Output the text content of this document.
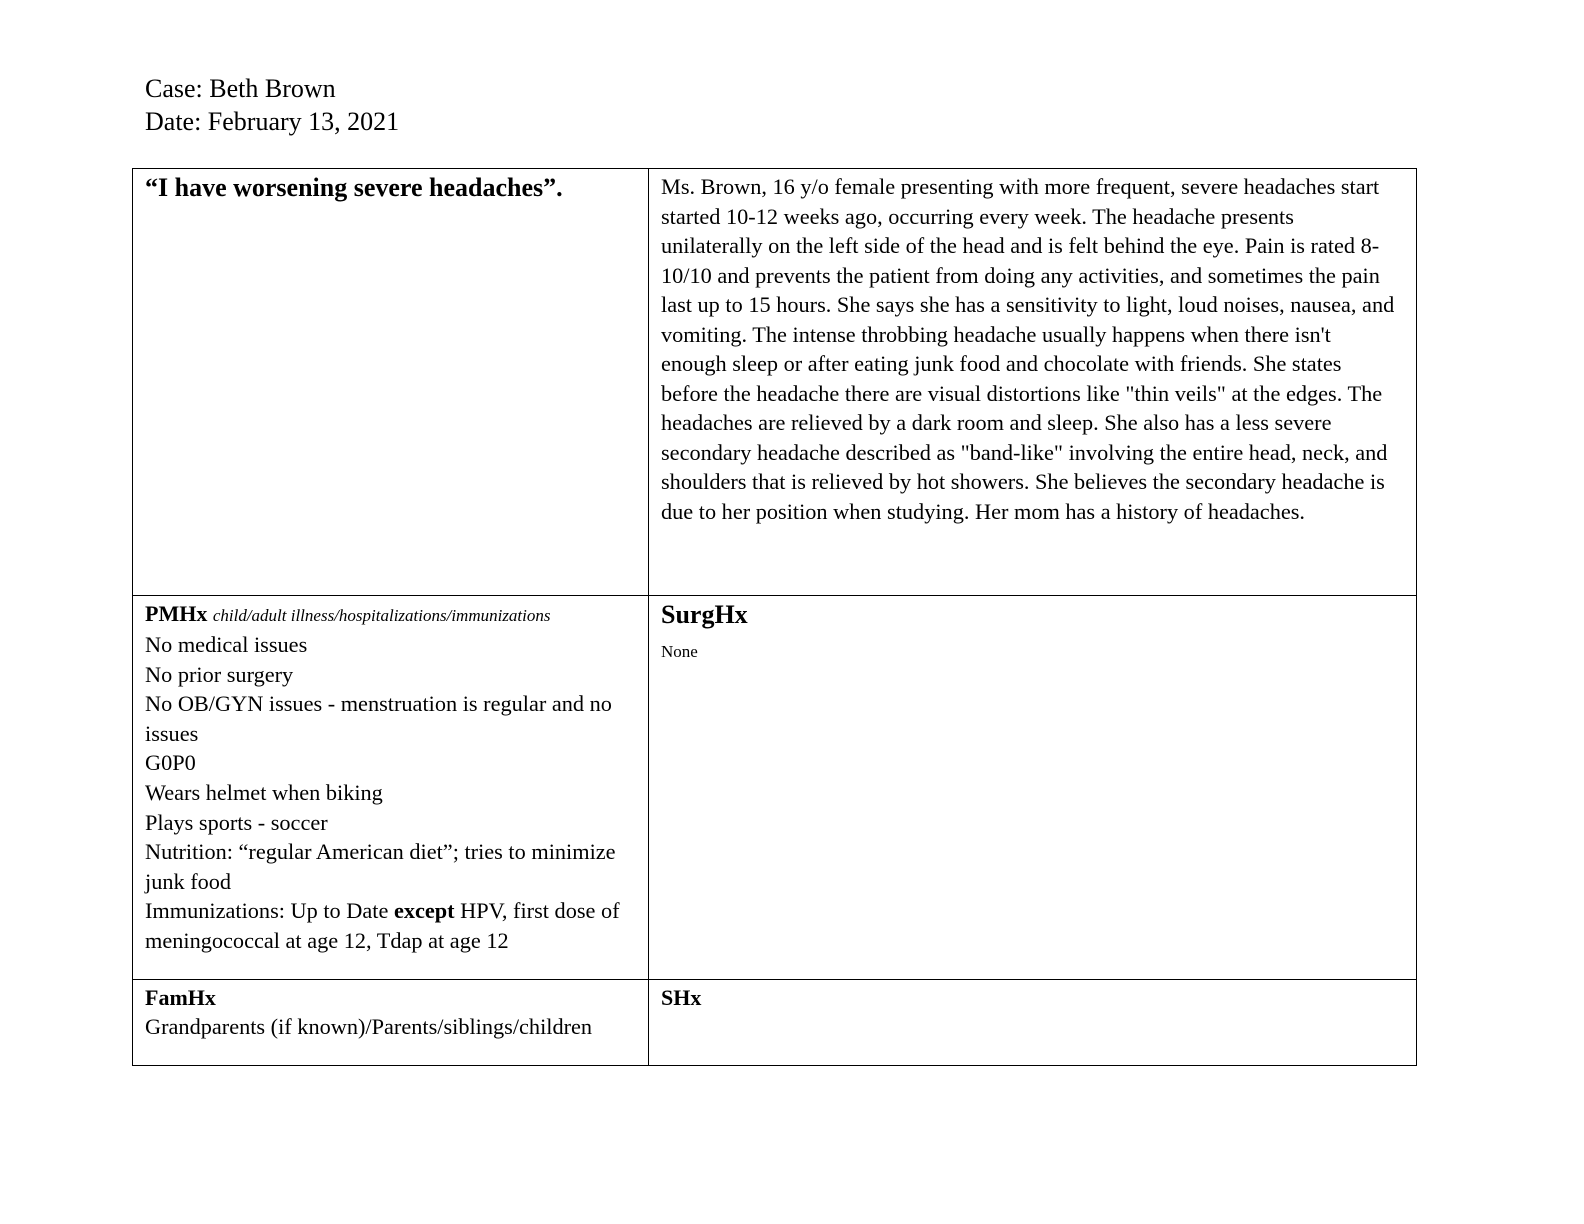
Case: Beth Brown
Date: February 13, 2021
“I have worsening severe headaches”.	Ms. Brown, 16 y/o female presenting with more frequent, severe headaches start started 10-12 weeks ago, occurring every week. The headache presents unilaterally on the left side of the head and is felt behind the eye. Pain is rated 8-10/10 and prevents the patient from doing any activities, and sometimes the pain last up to 15 hours. She says she has a sensitivity to light, loud noises, nausea, and vomiting. The intense throbbing headache usually happens when there isn't enough sleep or after eating junk food and chocolate with friends. She states before the headache there are visual distortions like "thin veils" at the edges. The headaches are relieved by a dark room and sleep. She also has a less severe secondary headache described as "band-like" involving the entire head, neck, and shoulders that is relieved by hot showers. She believes the secondary headache is due to her position when studying. Her mom has a history of headaches.
PMHx child/adult illness/hospitalizations/immunizations
No medical issues
No prior surgery
No OB/GYN issues - menstruation is regular and no issues
G0P0
Wears helmet when biking
Plays sports - soccer
Nutrition: “regular American diet”; tries to minimize junk food
Immunizations: Up to Date except HPV, first dose of meningococcal at age 12, Tdap at age 12
SurgHx
None
FamHx
Grandparents (if known)/Parents/siblings/children
SHx
